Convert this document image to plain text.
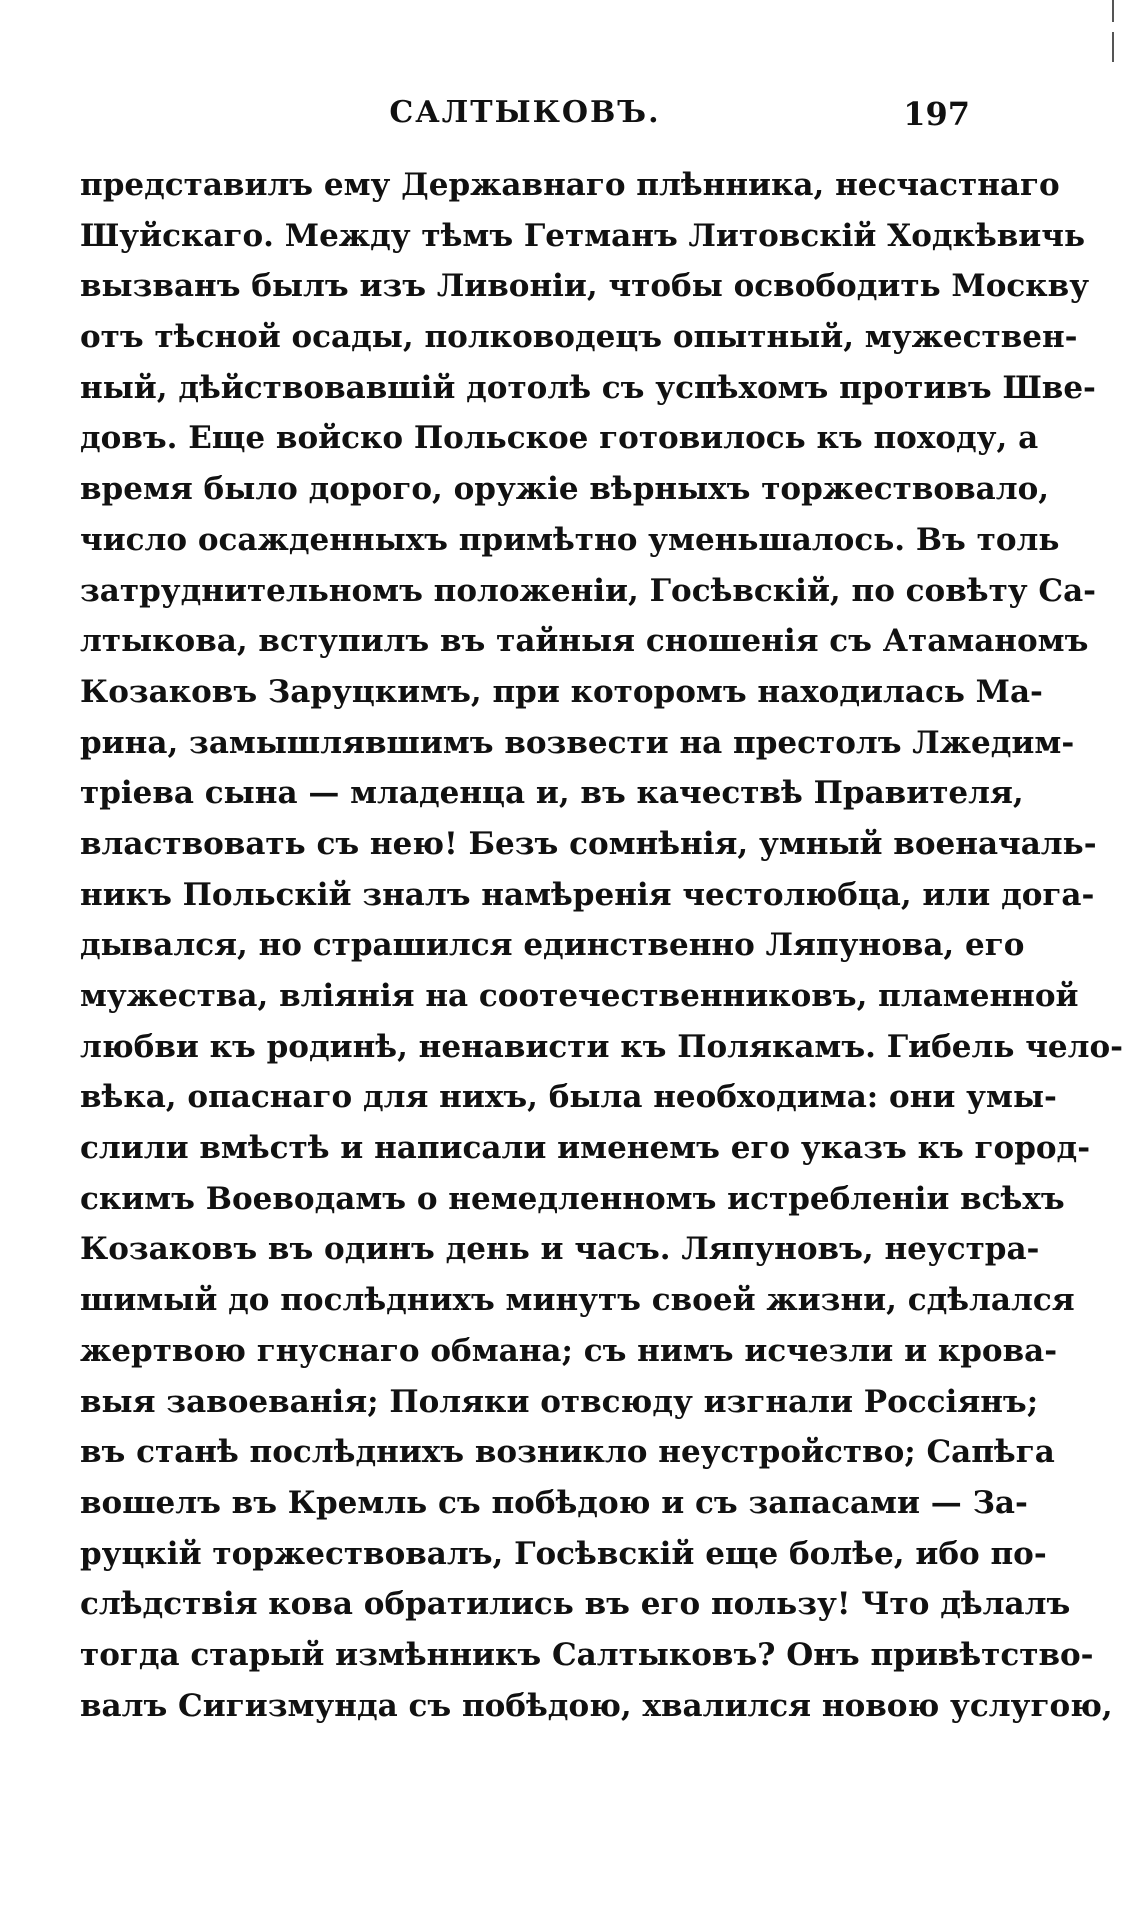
САЛТЫКОВЪ.	197
представилъ ему Державнаго плѣнника, несчастнаго
Шуйскаго. Между тѣмъ Гетманъ Литовскій Ходкѣвичь
вызванъ былъ изъ Ливоніи, чтобы освободить Москву
отъ тѣсной осады, полководецъ опытный, мужествен-
ный, дѣйствовавшій дотолѣ съ успѣхомъ противъ Шве-
довъ. Еще войско Польское готовилось къ походу, а
время было дорого, оружіе вѣрныхъ торжествовало,
число осажденныхъ примѣтно уменьшалось. Въ толь
затруднительномъ положеніи, Госѣвскій, по совѣту Са-
лтыкова, вступилъ въ тайныя сношенія съ Атаманомъ
Козаковъ Заруцкимъ, при которомъ находилась Ма-
рина, замышлявшимъ возвести на престолъ Лжедим-
тріева сына — младенца и, въ качествѣ Правителя,
властвовать съ нею! Безъ сомнѣнія, умный военачаль-
никъ Польскій зналъ намѣренія честолюбца, или дога-
дывался, но страшился единственно Ляпунова, его
мужества, вліянія на соотечественниковъ, пламенной
любви къ родинѣ, ненависти къ Полякамъ. Гибель чело-
вѣка, опаснаго для нихъ, была необходима: они умы-
слили вмѣстѣ и написали именемъ его указъ къ город-
скимъ Воеводамъ о немедленномъ истребленіи всѣхъ
Козаковъ въ одинъ день и часъ. Ляпуновъ, неустра-
шимый до послѣднихъ минутъ своей жизни, сдѣлался
жертвою гнуснаго обмана; съ нимъ исчезли и крова-
выя завоеванія; Поляки отвсюду изгнали Россіянъ;
въ станѣ послѣднихъ возникло неустройство; Сапѣга
вошелъ въ Кремль съ побѣдою и съ запасами — За-
руцкій торжествовалъ, Госѣвскій еще болѣе, ибо по-
слѣдствія кова обратились въ его пользу! Что дѣлалъ
тогда старый измѣнникъ Салтыковъ? Онъ привѣтство-
валъ Сигизмунда съ побѣдою, хвалился новою услугою,
